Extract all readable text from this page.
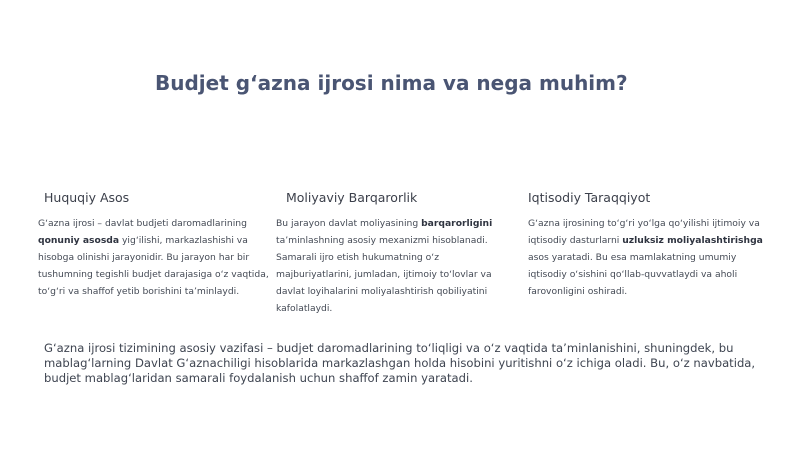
Budjet g‘azna ijrosi nima va nega muhim?
Huquqiy Asos

G‘azna ijrosi – davlat budjeti daromadlarining qonuniy asosda yig‘ilishi, markazlashishi va hisobga olinishi jarayonidir. Bu jarayon har bir tushumning tegishli budjet darajasiga o‘z vaqtida, to‘g‘ri va shaffof yetib borishini ta’minlaydi.

Moliyaviy Barqarorlik

Bu jarayon davlat moliyasining barqarorligini ta’minlashning asosiy mexanizmi hisoblanadi. Samarali ijro etish hukumatning o‘z majburiyatlarini, jumladan, ijtimoiy to‘lovlar va davlat loyihalarini moliyalashtirish qobiliyatini kafolatlaydi.

Iqtisodiy Taraqqiyot

G‘azna ijrosining to‘g‘ri yo‘lga qo‘yilishi ijtimoiy va iqtisodiy dasturlarni uzluksiz moliyalashtirishga asos yaratadi. Bu esa mamlakatning umumiy iqtisodiy o‘sishini qo‘llab-quvvatlaydi va aholi farovonligini oshiradi.

G‘azna ijrosi tizimining asosiy vazifasi – budjet daromadlarining to‘liqligi va o‘z vaqtida ta’minlanishini, shuningdek, bu mablag‘larning Davlat G‘aznachiligi hisoblarida markazlashgan holda hisobini yuritishni o‘z ichiga oladi. Bu, o‘z navbatida, budjet mablag‘laridan samarali foydalanish uchun shaffof zamin yaratadi.
